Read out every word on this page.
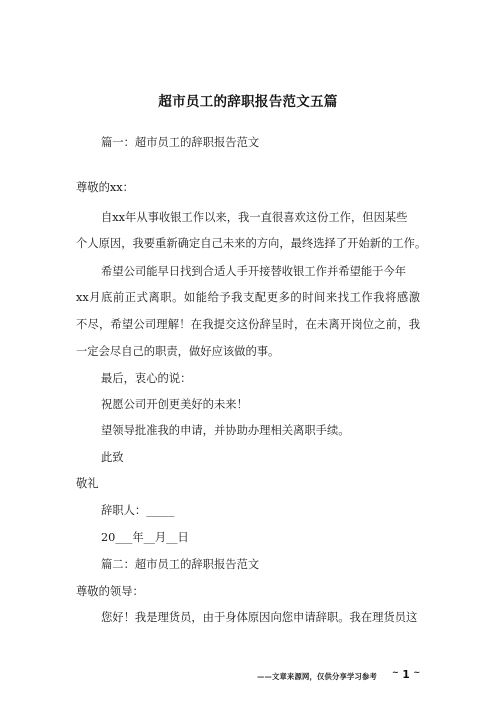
超市员工的辞职报告范文五篇
篇一：超市员工的辞职报告范文
尊敬的xx：
自xx年从事收银工作以来，我一直很喜欢这份工作，但因某些
个人原因，我要重新确定自己未来的方向，最终选择了开始新的工作。
希望公司能早日找到合适人手开接替收银工作并希望能于今年
xx月底前正式离职。如能给予我支配更多的时间来找工作我将感激
不尽，希望公司理解！在我提交这份辞呈时，在未离开岗位之前，我
一定会尽自己的职责，做好应该做的事。
最后，衷心的说：
祝愿公司开创更美好的未来！
望领导批准我的申请，并协助办理相关离职手续。
此致
敬礼
辞职人：_____
20___年__月__日
篇二：超市员工的辞职报告范文
尊敬的领导：
您好！我是理货员，由于身体原因向您申请辞职。我在理货员这
——文章来源网，仅供分享学习参考 ~ 1 ~
